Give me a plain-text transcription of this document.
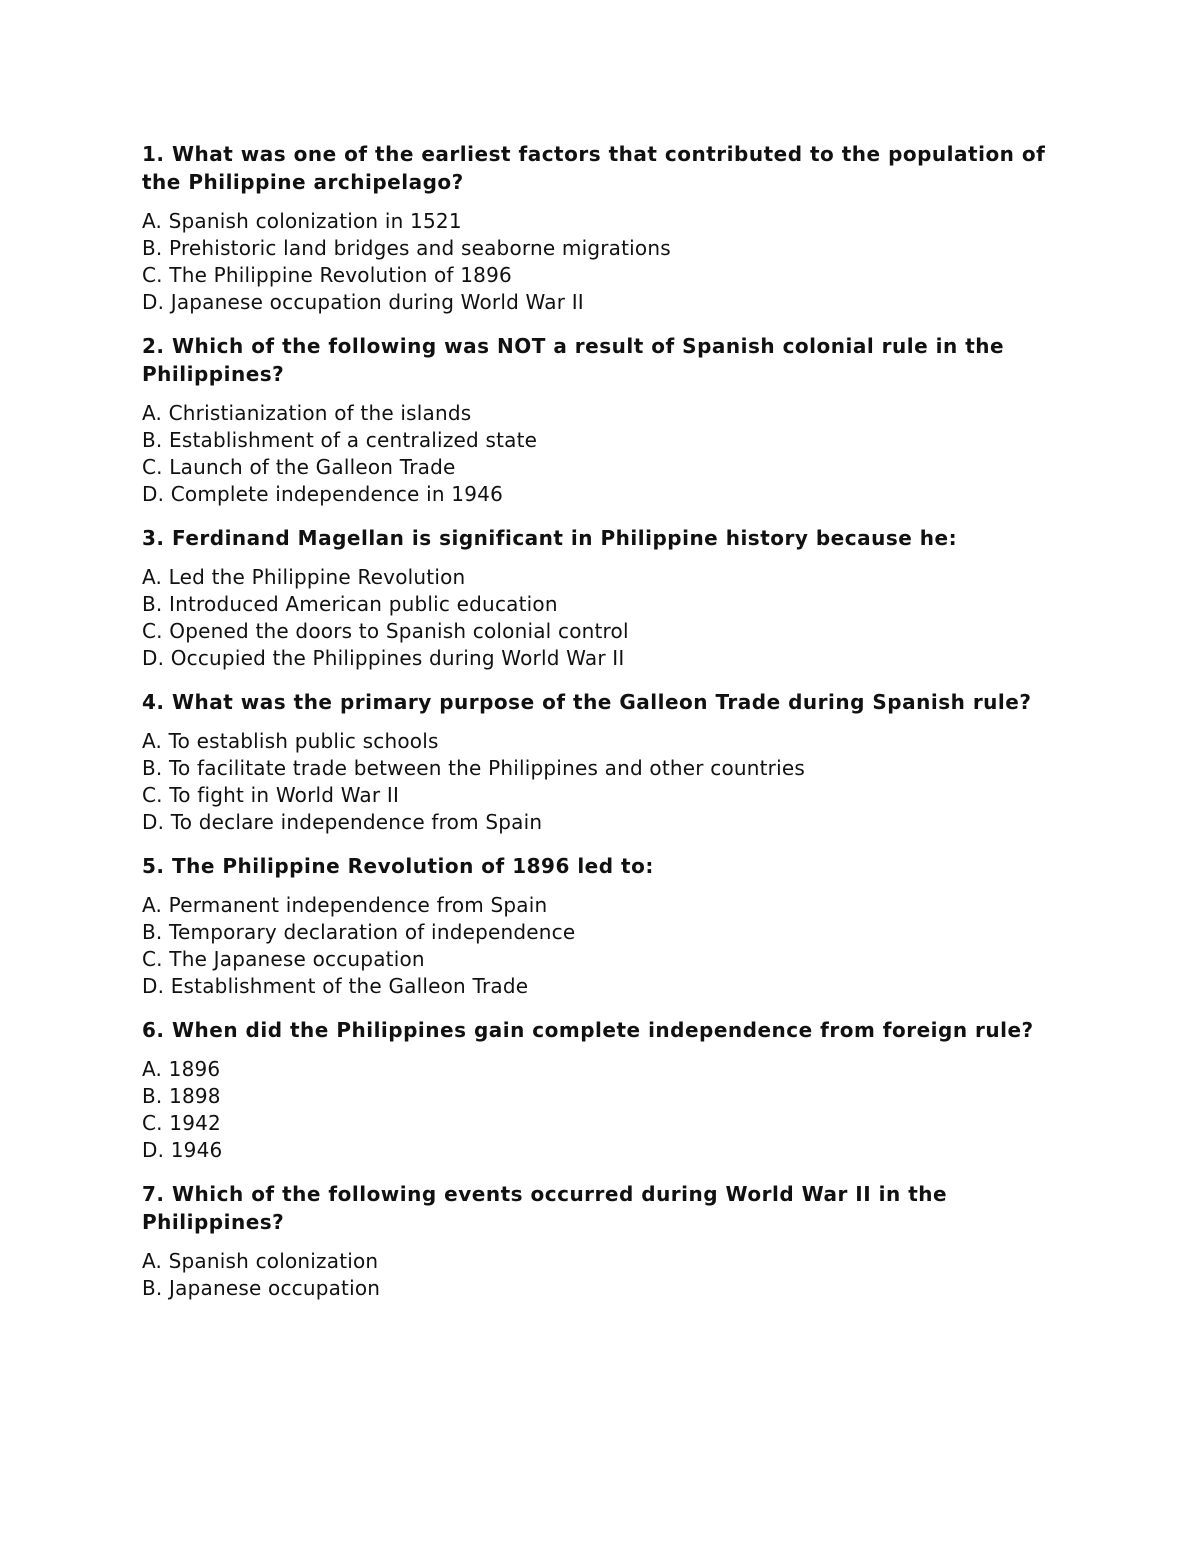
1. What was one of the earliest factors that contributed to the population of the Philippine archipelago?

A. Spanish colonization in 1521
B. Prehistoric land bridges and seaborne migrations
C. The Philippine Revolution of 1896
D. Japanese occupation during World War II

2. Which of the following was NOT a result of Spanish colonial rule in the Philippines?

A. Christianization of the islands
B. Establishment of a centralized state
C. Launch of the Galleon Trade
D. Complete independence in 1946

3. Ferdinand Magellan is significant in Philippine history because he:

A. Led the Philippine Revolution
B. Introduced American public education
C. Opened the doors to Spanish colonial control
D. Occupied the Philippines during World War II

4. What was the primary purpose of the Galleon Trade during Spanish rule?

A. To establish public schools
B. To facilitate trade between the Philippines and other countries
C. To fight in World War II
D. To declare independence from Spain

5. The Philippine Revolution of 1896 led to:

A. Permanent independence from Spain
B. Temporary declaration of independence
C. The Japanese occupation
D. Establishment of the Galleon Trade

6. When did the Philippines gain complete independence from foreign rule?

A. 1896
B. 1898
C. 1942
D. 1946

7. Which of the following events occurred during World War II in the Philippines?

A. Spanish colonization
B. Japanese occupation
